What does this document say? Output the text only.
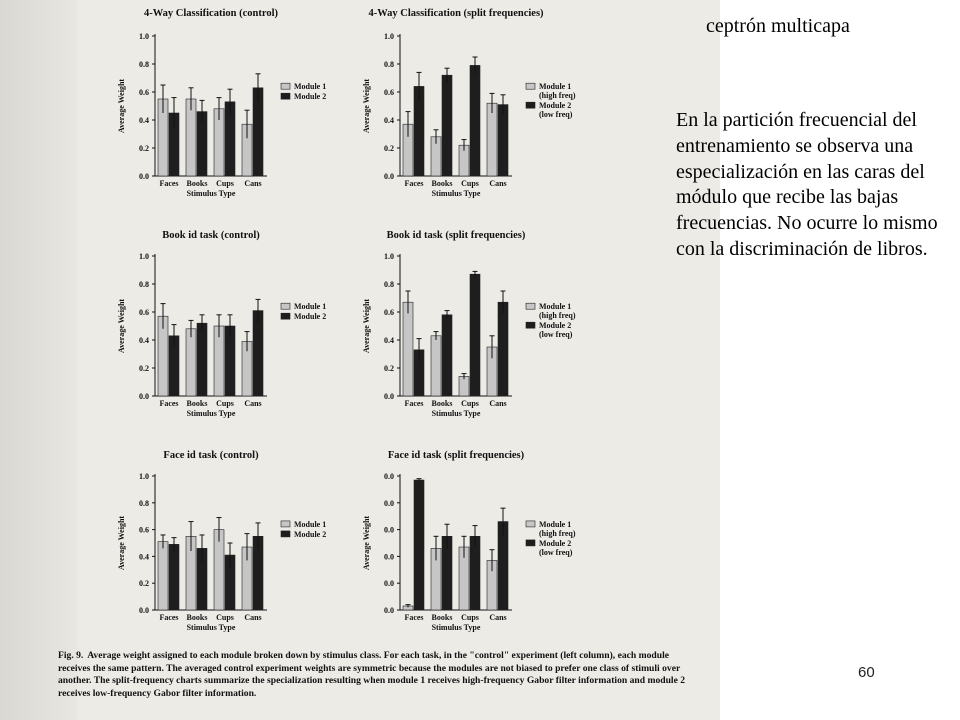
4-Way Classification (control)
0.0
0.2
0.4
0.6
0.8
1.0
Average Weight
Faces Books Cups Cans
Stimulus Type
Module 1
Module 2
4-Way Classification (split frequencies)
0.0
0.2
0.4
0.6
0.8
1.0
Average Weight
Faces Books Cups Cans
Stimulus Type
Module 1
(high freq)
Module 2
(low freq)
Book id task (control)
0.0
0.2
0.4
0.6
0.8
1.0
Average Weight
Faces Books Cups Cans
Stimulus Type
Module 1
Module 2
Book id task (split frequencies)
0.0
0.2
0.4
0.6
0.8
1.0
Average Weight
Faces Books Cups Cans
Stimulus Type
Module 1
(high freq)
Module 2
(low freq)
Face id task (control)
0.0
0.2
0.4
0.6
0.8
1.0
Average Weight
Faces Books Cups Cans
Stimulus Type
Module 1
Module 2
Face id task (split frequencies)
0.0
0.0
0.0
0.0
0.0
0.0
Average Weight
Faces Books Cups Cans
Stimulus Type
Module 1
(high freq)
Module 2
(low freq)

Fig. 9. Average weight assigned to each module broken down by stimulus class. For each task, in the "control" experiment (left column), each module receives the same pattern. The averaged control experiment weights are symmetric because the modules are not biased to prefer one class of stimuli over another. The split-frequency charts summarize the specialization resulting when module 1 receives high-frequency Gabor filter information and module 2 receives low-frequency Gabor filter information.

ceptrón multicapa

En la partición frecuencial del entrenamiento se observa una especialización en las caras del módulo que recibe las bajas frecuencias. No ocurre lo mismo con la discriminación de libros.

60
